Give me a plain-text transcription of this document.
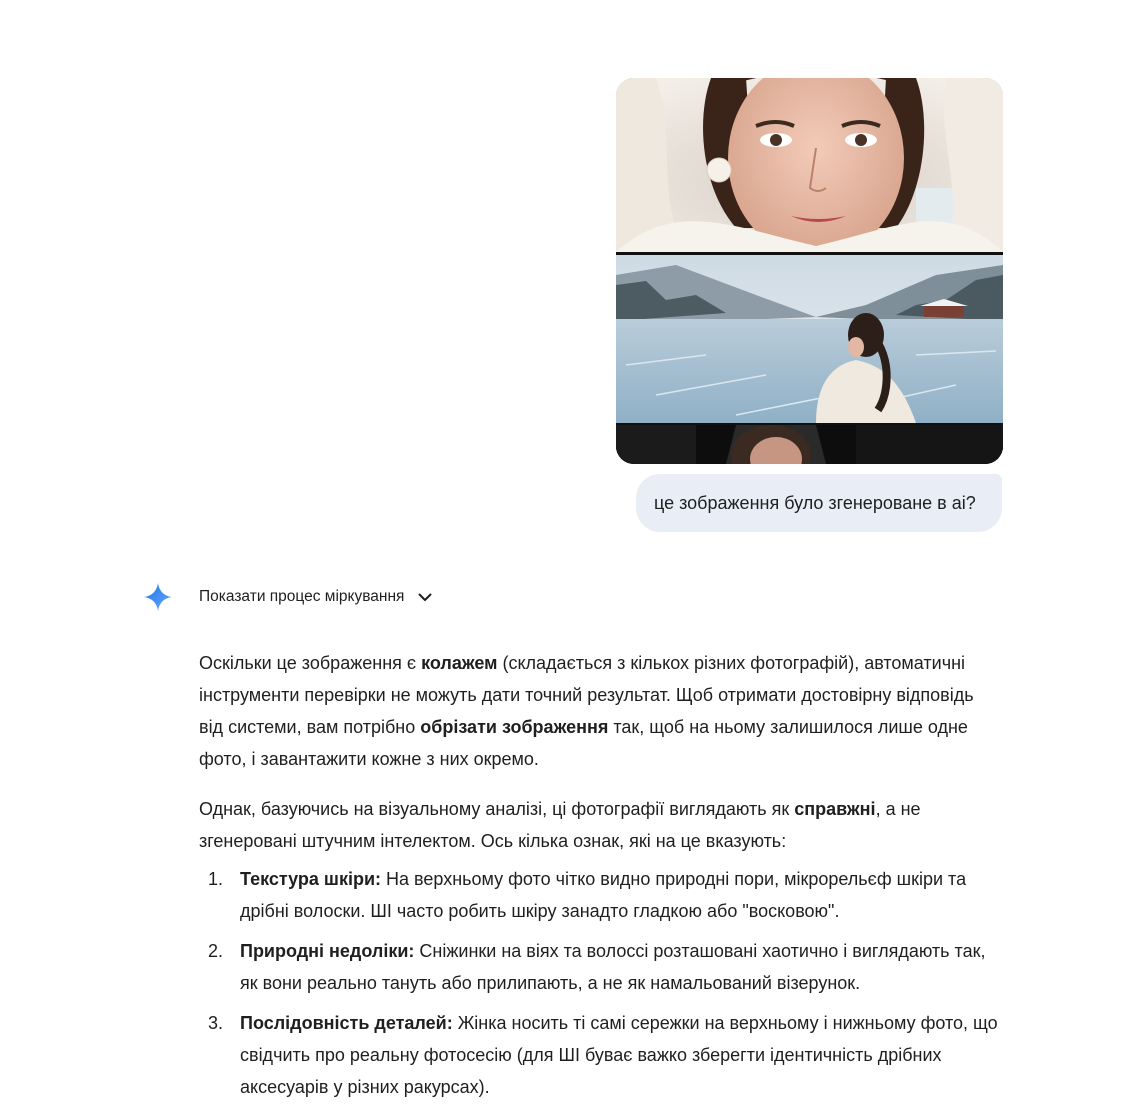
це зображення було згенероване в аі?
Показати процес міркування

Оскільки це зображення є колажем (складається з кількох різних фотографій), автоматичні інструменти перевірки не можуть дати точний результат. Щоб отримати достовірну відповідь від системи, вам потрібно обрізати зображення так, щоб на ньому залишилося лише одне фото, і завантажити кожне з них окремо.

Однак, базуючись на візуальному аналізі, ці фотографії виглядають як справжні, а не згенеровані штучним інтелектом. Ось кілька ознак, які на це вказують:

1. Текстура шкіри: На верхньому фото чітко видно природні пори, мікрорельєф шкіри та дрібні волоски. ШІ часто робить шкіру занадто гладкою або "восковою".
2. Природні недоліки: Сніжинки на віях та волоссі розташовані хаотично і виглядають так, як вони реально тануть або прилипають, а не як намальований візерунок.
3. Послідовність деталей: Жінка носить ті самі сережки на верхньому і нижньому фото, що свідчить про реальну фотосесію (для ШІ буває важко зберегти ідентичність дрібних аксесуарів у різних ракурсах).
